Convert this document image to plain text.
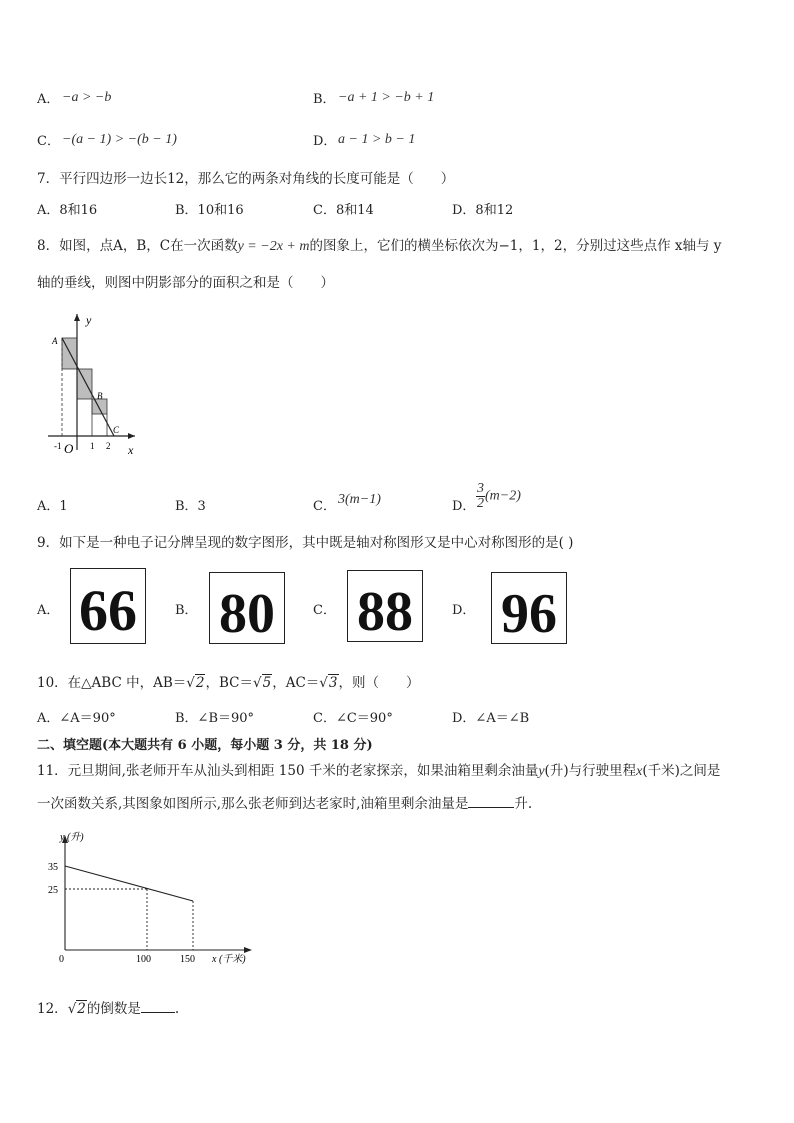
A． −a > −b	B． −a + 1 > −b + 1
C． −(a − 1) > −(b − 1)	D． a − 1 > b − 1
7．平行四边形一边长12，那么它的两条对角线的长度可能是（　　）
A．8和16	B．10和16	C．8和14	D．8和12
8．如图，点A，B，C在一次函数y = −2x + m的图象上，它们的横坐标依次为−1，1，2，分别过这些点作 x轴与 y
轴的垂线，则图中阴影部分的面积之和是（　　）
y
x
A
B
C
O
-1	1 2
A．1	B．3	C． 3(m−1)	D． $\frac{3}{2} (m-2)$
9．如下是一种电子记分牌呈现的数字图形，其中既是轴对称图形又是中心对称图形的是( )
A．	B．	C．	D．
66 80 88 96
10．在△ABC 中，AB＝√2，BC＝√5，AC＝√3，则（　　）
A．∠A＝90°	B．∠B＝90°	C．∠C＝90°	D．∠A＝∠B
二、填空题(本大题共有 6 小题，每小题 3 分，共 18 分)
11．元旦期间,张老师开车从汕头到相距 150 千米的老家探亲，如果油箱里剩余油量y(升)与行驶里程x(千米)之间是
一次函数关系,其图象如图所示,那么张老师到达老家时,油箱里剩余油量是	升.
y (升)
x (千米)
35
25
0	100	150
12．√2的倒数是	.
